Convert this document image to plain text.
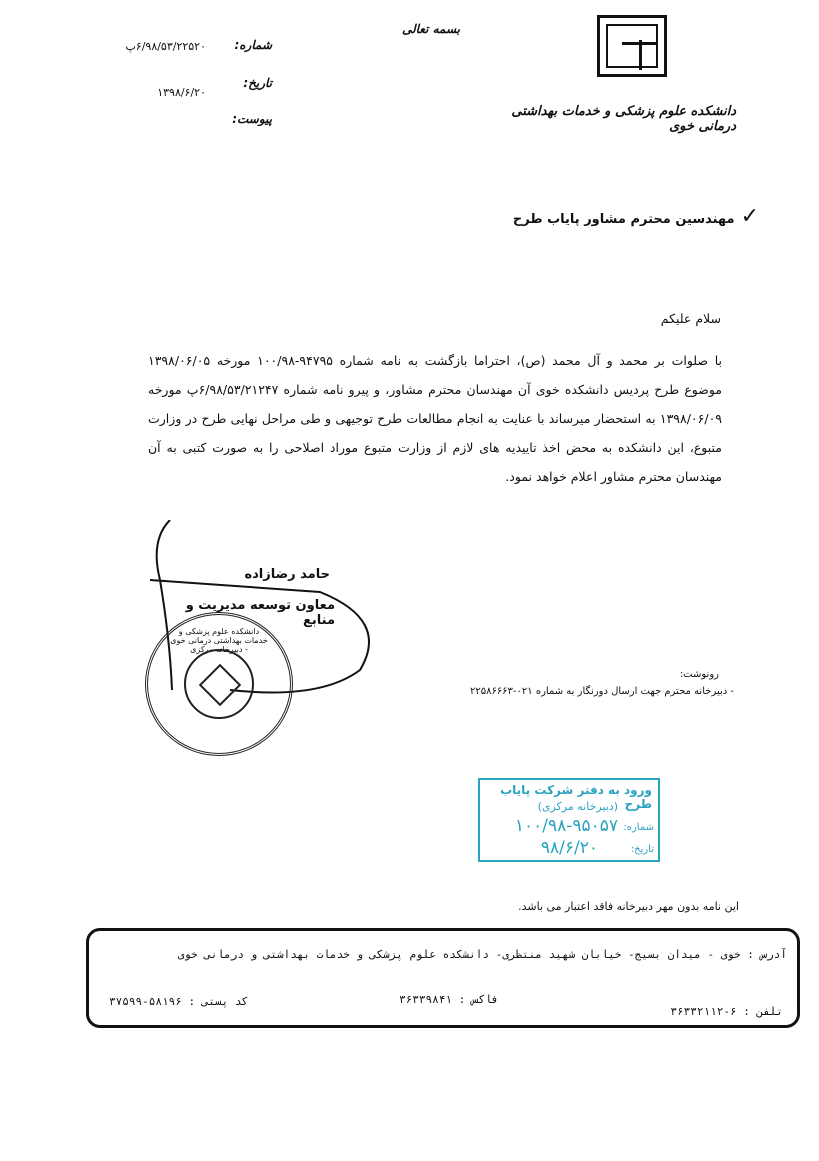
دانشکده علوم پزشکی و خدمات بهداشتی درمانی خوی
بسمه تعالی
شماره:
۶/۹۸/۵۳/۲۲۵۲۰پ
تاریخ:
۱۳۹۸/۶/۲۰
پیوست:
✓مهندسین محترم مشاور پایاب طرح
سلام علیکم
با صلوات بر محمد و آل محمد (ص)، احتراما بازگشت به نامه شماره ۹۴۷۹۵-۱۰۰/۹۸ مورخه ۱۳۹۸/۰۶/۰۵ موضوع طرح پردیس دانشکده خوی آن مهندسان محترم مشاور، و پیرو نامه شماره ۶/۹۸/۵۳/۲۱۲۴۷پ مورخه ۱۳۹۸/۰۶/۰۹ به استحضار میرساند با عنایت به انجام مطالعات طرح توجیهی و طی مراحل نهایی طرح در وزارت متبوع، این دانشکده به محض اخذ تاییدیه های لازم از وزارت متبوع موراد اصلاحی را به صورت کتبی به آن مهندسان محترم مشاور اعلام خواهد نمود.
حامد رضازاده
معاون توسعه مدیریت و منابع
دانشکده علوم پزشکی و خدمات بهداشتی درمانی خوی - دبیرخانه مرکزی
رونوشت:
- دبیرخانه محترم جهت ارسال دورنگار به شماره ۰۲۱-۲۲۵۸۶۶۶۳
ورود به دفتر شرکت پایاب طرح
(دبیرخانه مرکزی)
شماره:
۱۰۰/۹۸-۹۵۰۵۷
تاریخ:
۹۸/۶/۲۰
این نامه بدون مهر دبیرخانه فاقد اعتبار می باشد.
آدرس : خوی - میدان بسیج- خیابان شهید منتظری- دانشکده علوم پزشکی و خدمات بهداشتی و درمانی خوی
کد پستی : ۵۸۱۹۶-۳۷۵۹۹	فاکس : ۳۶۳۳۹۸۴۱
تلفن : ۶-۳۶۳۳۲۱۱۲
